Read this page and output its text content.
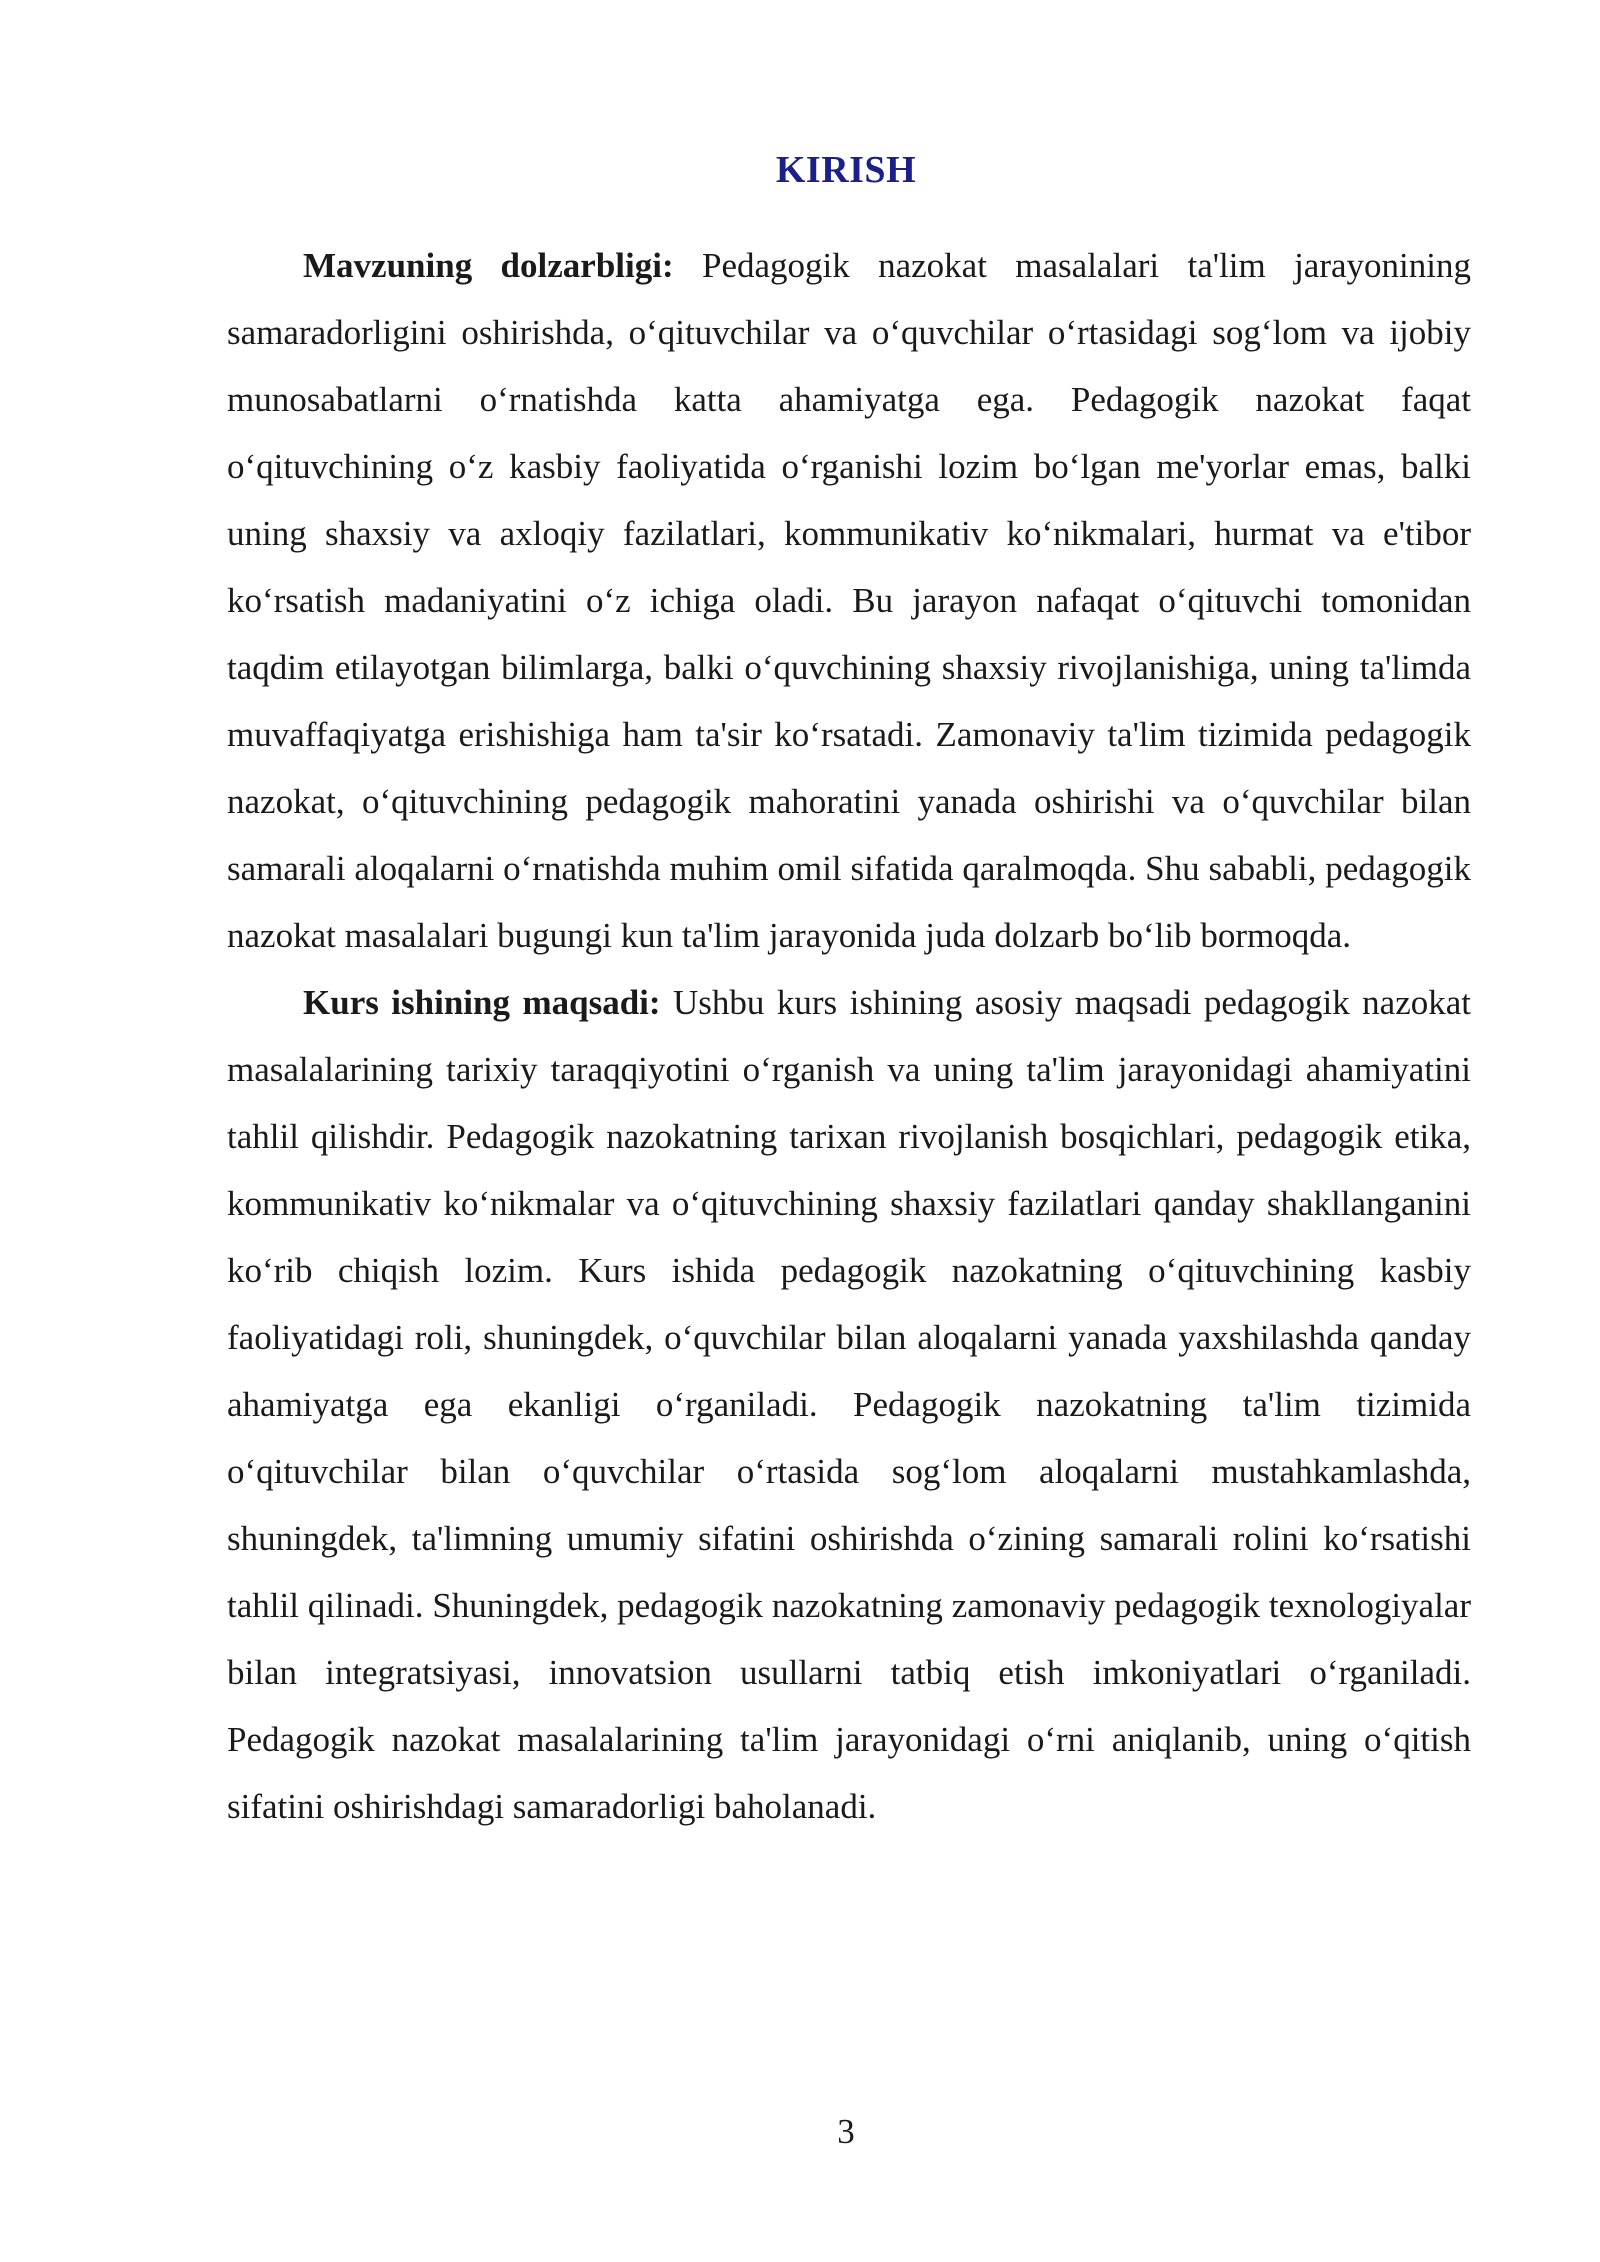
KIRISH

Mavzuning dolzarbligi: Pedagogik nazokat masalalari ta'lim jarayonining samaradorligini oshirishda, o‘qituvchilar va o‘quvchilar o‘rtasidagi sog‘lom va ijobiy munosabatlarni o‘rnatishda katta ahamiyatga ega. Pedagogik nazokat faqat o‘qituvchining o‘z kasbiy faoliyatida o‘rganishi lozim bo‘lgan me'yorlar emas, balki uning shaxsiy va axloqiy fazilatlari, kommunikativ ko‘nikmalari, hurmat va e'tibor ko‘rsatish madaniyatini o‘z ichiga oladi. Bu jarayon nafaqat o‘qituvchi tomonidan taqdim etilayotgan bilimlarga, balki o‘quvchining shaxsiy rivojlanishiga, uning ta'limda muvaffaqiyatga erishishiga ham ta'sir ko‘rsatadi. Zamonaviy ta'lim tizimida pedagogik nazokat, o‘qituvchining pedagogik mahoratini yanada oshirishi va o‘quvchilar bilan samarali aloqalarni o‘rnatishda muhim omil sifatida qaralmoqda. Shu sababli, pedagogik nazokat masalalari bugungi kun ta'lim jarayonida juda dolzarb bo‘lib bormoqda.

Kurs ishining maqsadi: Ushbu kurs ishining asosiy maqsadi pedagogik nazokat masalalarining tarixiy taraqqiyotini o‘rganish va uning ta'lim jarayonidagi ahamiyatini tahlil qilishdir. Pedagogik nazokatning tarixan rivojlanish bosqichlari, pedagogik etika, kommunikativ ko‘nikmalar va o‘qituvchining shaxsiy fazilatlari qanday shakllanganini ko‘rib chiqish lozim. Kurs ishida pedagogik nazokatning o‘qituvchining kasbiy faoliyatidagi roli, shuningdek, o‘quvchilar bilan aloqalarni yanada yaxshilashda qanday ahamiyatga ega ekanligi o‘rganiladi. Pedagogik nazokatning ta'lim tizimida o‘qituvchilar bilan o‘quvchilar o‘rtasida sog‘lom aloqalarni mustahkamlashda, shuningdek, ta'limning umumiy sifatini oshirishda o‘zining samarali rolini ko‘rsatishi tahlil qilinadi. Shuningdek, pedagogik nazokatning zamonaviy pedagogik texnologiyalar bilan integratsiyasi, innovatsion usullarni tatbiq etish imkoniyatlari o‘rganiladi. Pedagogik nazokat masalalarining ta'lim jarayonidagi o‘rni aniqlanib, uning o‘qitish sifatini oshirishdagi samaradorligi baholanadi.

3
